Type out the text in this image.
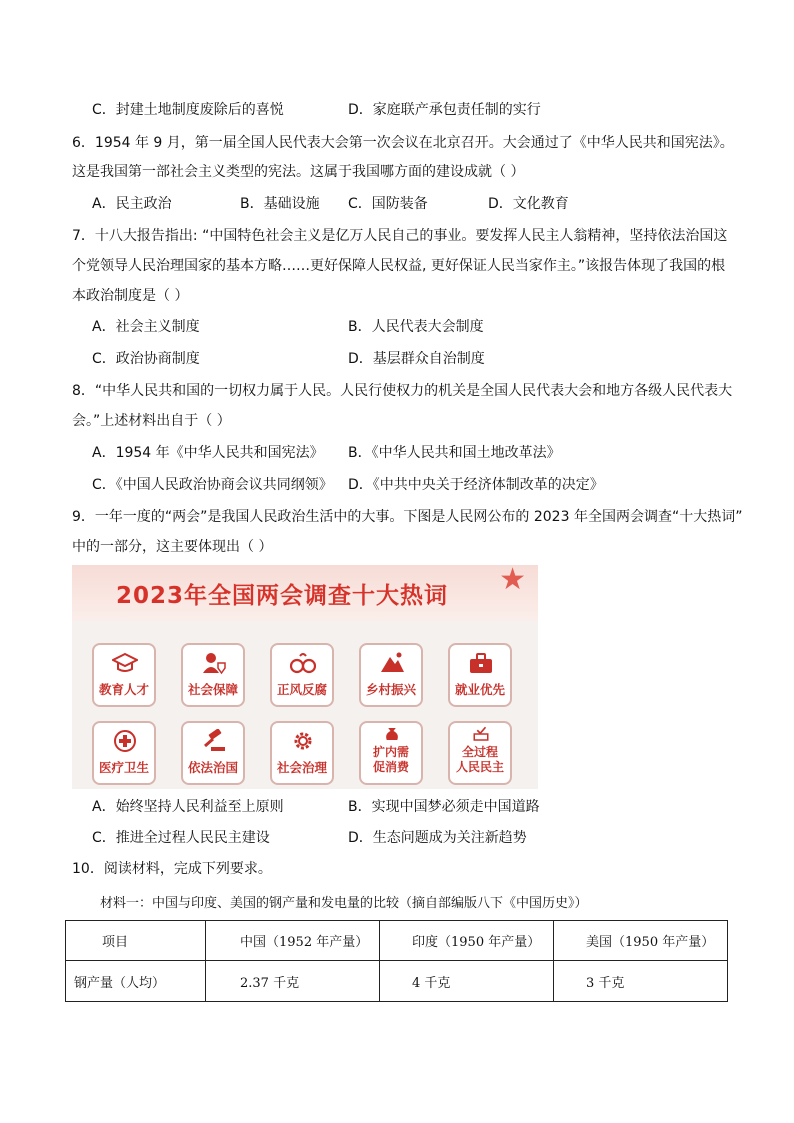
C．封建土地制度废除后的喜悦	D．家庭联产承包责任制的实行
6．1954 年 9 月，第一届全国人民代表大会第一次会议在北京召开。大会通过了《中华人民共和国宪法》。
这是我国第一部社会主义类型的宪法。这属于我国哪方面的建设成就（ ）
A．民主政治	B．基础设施 C．国防装备	D．文化教育
7．十八大报告指出: “中国特色社会主义是亿万人民自己的事业。要发挥人民主人翁精神，坚持依法治国这
个党领导人民治理国家的基本方略……更好保障人民权益, 更好保证人民当家作主。”该报告体现了我国的根
本政治制度是（ ）
A．社会主义制度	B．人民代表大会制度
C．政治协商制度	D．基层群众自治制度
8．“中华人民共和国的一切权力属于人民。人民行使权力的机关是全国人民代表大会和地方各级人民代表大
会。”上述材料出自于（ ）
A．1954 年《中华人民共和国宪法》 B．《中华人民共和国土地改革法》
C．《中国人民政治协商会议共同纲领》 D．《中共中央关于经济体制改革的决定》
9．一年一度的“两会”是我国人民政治生活中的大事。下图是人民网公布的 2023 年全国两会调查“十大热词”
中的一部分，这主要体现出（ ）
2023年全国两会调查十大热词	★
教育人才	社会保障	正风反腐	乡村振兴	就业优先
医疗卫生	依法治国	社会治理
扩内需
促消费
全过程
人民民主
A．始终坚持人民利益至上原则	B．实现中国梦必须走中国道路
C．推进全过程人民民主建设	D．生态问题成为关注新趋势
10．阅读材料，完成下列要求。
材料一：中国与印度、美国的钢产量和发电量的比较（摘自部编版八下《中国历史》）
项目	中国（1952 年产量）	印度（1950 年产量）	美国（1950 年产量）
钢产量（人均）	2.37 千克	4 千克	3 千克
